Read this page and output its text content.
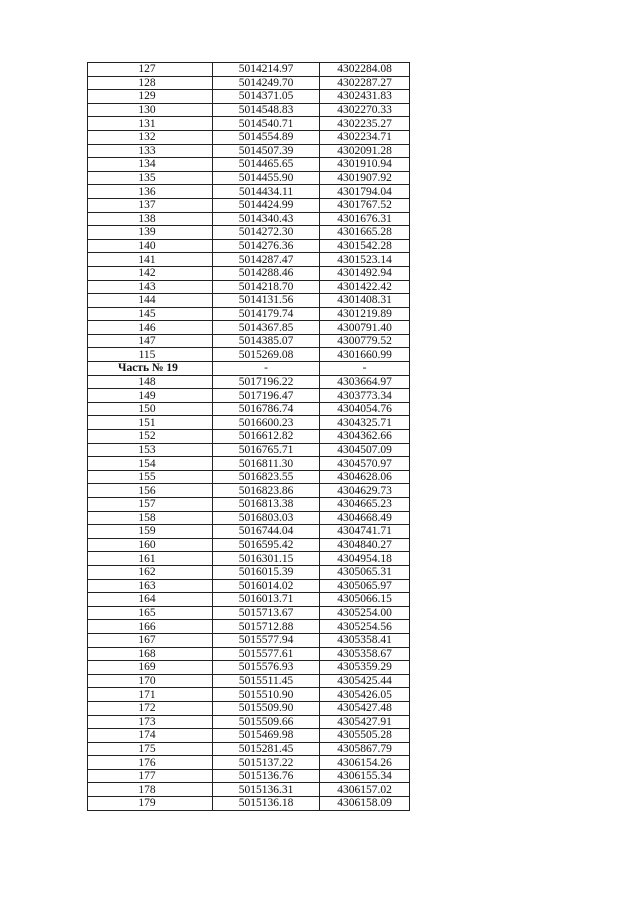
127	5014214.97	4302284.08
128	5014249.70	4302287.27
129	5014371.05	4302431.83
130	5014548.83	4302270.33
131	5014540.71	4302235.27
132	5014554.89	4302234.71
133	5014507.39	4302091.28
134	5014465.65	4301910.94
135	5014455.90	4301907.92
136	5014434.11	4301794.04
137	5014424.99	4301767.52
138	5014340.43	4301676.31
139	5014272.30	4301665.28
140	5014276.36	4301542.28
141	5014287.47	4301523.14
142	5014288.46	4301492.94
143	5014218.70	4301422.42
144	5014131.56	4301408.31
145	5014179.74	4301219.89
146	5014367.85	4300791.40
147	5014385.07	4300779.52
115	5015269.08	4301660.99
Часть № 19	-	-
148	5017196.22	4303664.97
149	5017196.47	4303773.34
150	5016786.74	4304054.76
151	5016600.23	4304325.71
152	5016612.82	4304362.66
153	5016765.71	4304507.09
154	5016811.30	4304570.97
155	5016823.55	4304628.06
156	5016823.86	4304629.73
157	5016813.38	4304665.23
158	5016803.03	4304668.49
159	5016744.04	4304741.71
160	5016595.42	4304840.27
161	5016301.15	4304954.18
162	5016015.39	4305065.31
163	5016014.02	4305065.97
164	5016013.71	4305066.15
165	5015713.67	4305254.00
166	5015712.88	4305254.56
167	5015577.94	4305358.41
168	5015577.61	4305358.67
169	5015576.93	4305359.29
170	5015511.45	4305425.44
171	5015510.90	4305426.05
172	5015509.90	4305427.48
173	5015509.66	4305427.91
174	5015469.98	4305505.28
175	5015281.45	4305867.79
176	5015137.22	4306154.26
177	5015136.76	4306155.34
178	5015136.31	4306157.02
179	5015136.18	4306158.09
